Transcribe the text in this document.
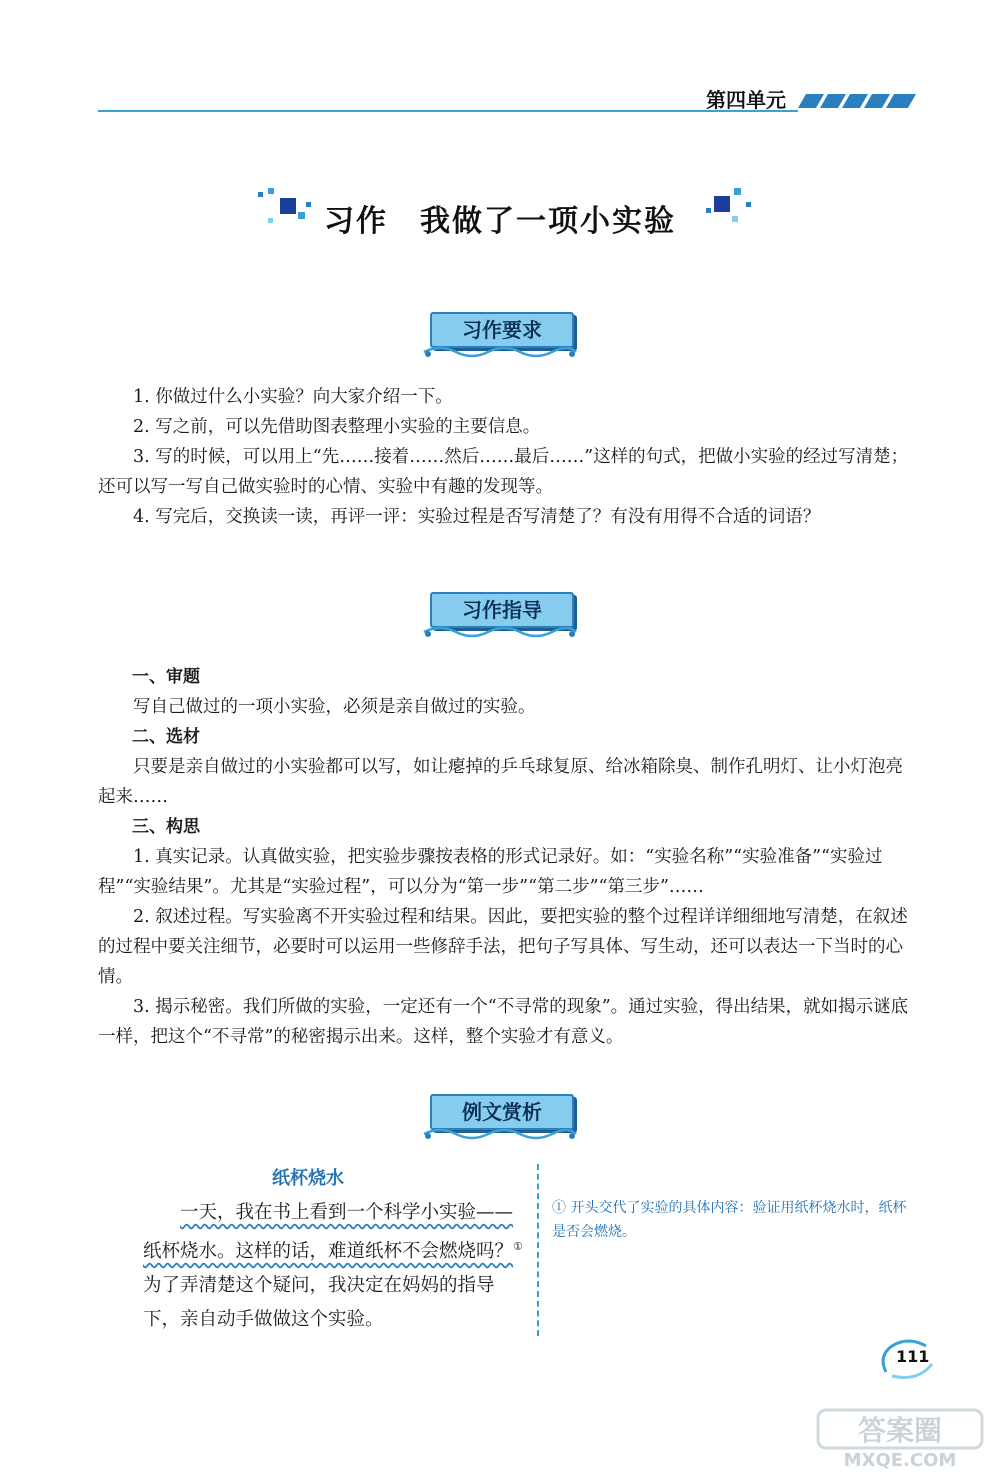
第四单元
习作　我做了一项小实验
习作要求

1. 你做过什么小实验？向大家介绍一下。

2. 写之前，可以先借助图表整理小实验的主要信息。

3. 写的时候，可以用上“先……接着……然后……最后……”这样的句式，把做小实验的经过写清楚；还可以写一写自己做实验时的心情、实验中有趣的发现等。

4. 写完后，交换读一读，再评一评：实验过程是否写清楚了？有没有用得不合适的词语？

习作指导

一、审题

写自己做过的一项小实验，必须是亲自做过的实验。

二、选材

只要是亲自做过的小实验都可以写，如让瘪掉的乒乓球复原、给冰箱除臭、制作孔明灯、让小灯泡亮起来……

三、构思

1. 真实记录。认真做实验，把实验步骤按表格的形式记录好。如：“实验名称”“实验准备”“实验过程”“实验结果”。尤其是“实验过程”，可以分为“第一步”“第二步”“第三步”……

2. 叙述过程。写实验离不开实验过程和结果。因此，要把实验的整个过程详详细细地写清楚，在叙述的过程中要关注细节，必要时可以运用一些修辞手法，把句子写具体、写生动，还可以表达一下当时的心情。

3. 揭示秘密。我们所做的实验，一定还有一个“不寻常的现象”。通过实验，得出结果，就如揭示谜底一样，把这个“不寻常”的秘密揭示出来。这样，整个实验才有意义。

例文赏析
纸杯烧水

一天，我在书上看到一个科学小实验——纸杯烧水。这样的话，难道纸杯不会燃烧吗？①为了弄清楚这个疑问，我决定在妈妈的指导下，亲自动手做做这个实验。

① 开头交代了实验的具体内容：验证用纸杯烧水时，纸杯是否会燃烧。
111
答案圈
MXQE.COM
